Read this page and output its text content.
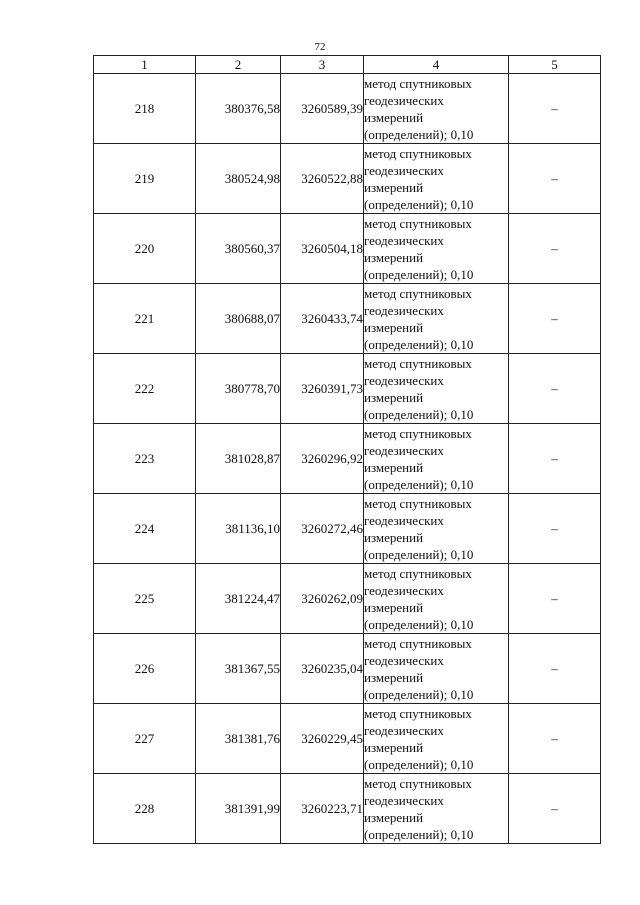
72
1	2	3	4	5
218	380376,58	3260589,39	метод спутниковых
геодезических
измерений
(определений); 0,10	–
219	380524,98	3260522,88	метод спутниковых
геодезических
измерений
(определений); 0,10	–
220	380560,37	3260504,18	метод спутниковых
геодезических
измерений
(определений); 0,10	–
221	380688,07	3260433,74	метод спутниковых
геодезических
измерений
(определений); 0,10	–
222	380778,70	3260391,73	метод спутниковых
геодезических
измерений
(определений); 0,10	–
223	381028,87	3260296,92	метод спутниковых
геодезических
измерений
(определений); 0,10	–
224	381136,10	3260272,46	метод спутниковых
геодезических
измерений
(определений); 0,10	–
225	381224,47	3260262,09	метод спутниковых
геодезических
измерений
(определений); 0,10	–
226	381367,55	3260235,04	метод спутниковых
геодезических
измерений
(определений); 0,10	–
227	381381,76	3260229,45	метод спутниковых
геодезических
измерений
(определений); 0,10	–
228	381391,99	3260223,71	метод спутниковых
геодезических
измерений
(определений); 0,10	–
